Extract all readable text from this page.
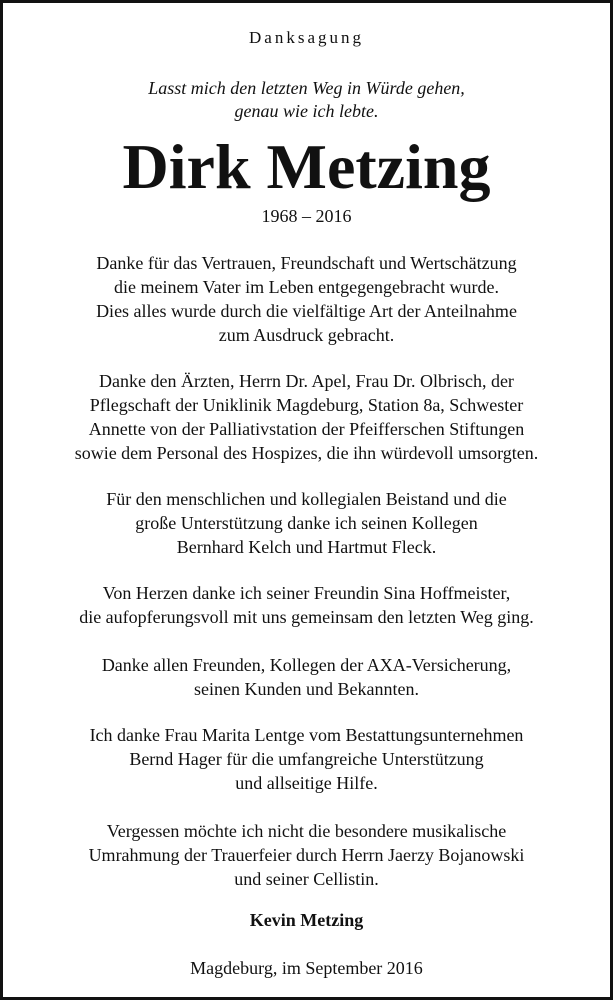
Danksagung
Lasst mich den letzten Weg in Würde gehen,
genau wie ich lebte.
Dirk Metzing
1968 – 2016
Danke für das Vertrauen, Freundschaft und Wertschätzung
die meinem Vater im Leben entgegengebracht wurde.
Dies alles wurde durch die vielfältige Art der Anteilnahme
zum Ausdruck gebracht.
Danke den Ärzten, Herrn Dr. Apel, Frau Dr. Olbrisch, der
Pflegschaft der Uniklinik Magdeburg, Station 8a, Schwester
Annette von der Palliativstation der Pfeifferschen Stiftungen
sowie dem Personal des Hospizes, die ihn würdevoll umsorgten.
Für den menschlichen und kollegialen Beistand und die
große Unterstützung danke ich seinen Kollegen
Bernhard Kelch und Hartmut Fleck.
Von Herzen danke ich seiner Freundin Sina Hoffmeister,
die aufopferungsvoll mit uns gemeinsam den letzten Weg ging.
Danke allen Freunden, Kollegen der AXA-Versicherung,
seinen Kunden und Bekannten.
Ich danke Frau Marita Lentge vom Bestattungsunternehmen
Bernd Hager für die umfangreiche Unterstützung
und allseitige Hilfe.
Vergessen möchte ich nicht die besondere musikalische
Umrahmung der Trauerfeier durch Herrn Jaerzy Bojanowski
und seiner Cellistin.
Kevin Metzing
Magdeburg, im September 2016
